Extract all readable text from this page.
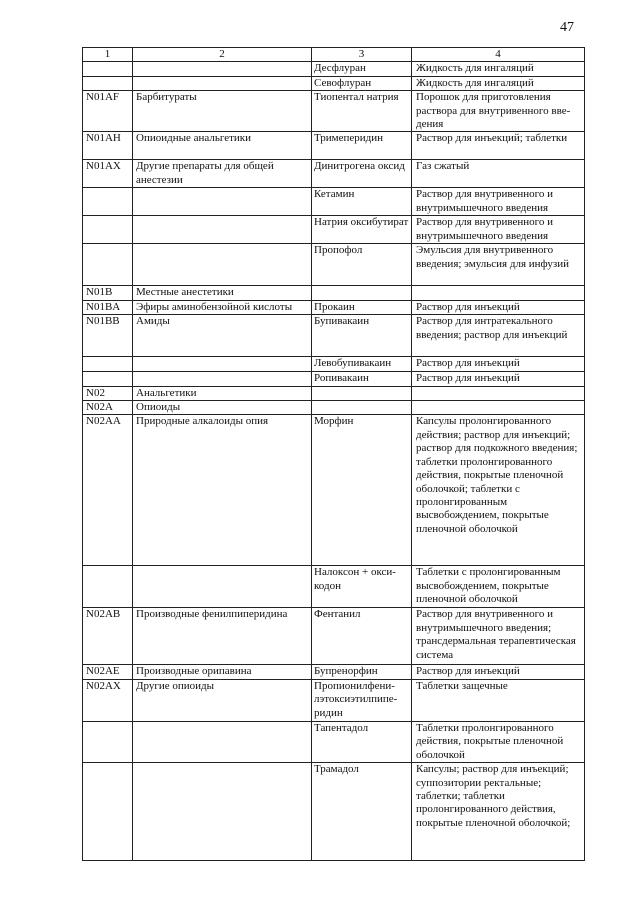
47
1	2	3	4
		Десфлуран	Жидкость для ингаляций
		Севофлуран	Жидкость для ингаляций
N01AF	Барбитураты	Тиопентал натрия	Порошок для приготовления раствора для внутривенного введения
N01AH	Опиоидные анальгетики	Тримеперидин	Раствор для инъекций; таблетки
N01AX	Другие препараты для общей анестезии	Динитрогена оксид	Газ сжатый
		Кетамин	Раствор для внутривенного и внутримышечного введения
		Натрия оксибутират	Раствор для внутривенного и внутримышечного введения
		Пропофол	Эмульсия для внутривенного введения; эмульсия для инфузий
N01B	Местные анестетики		
N01BA	Эфиры аминобензойной кислоты	Прокаин	Раствор для инъекций
N01BB	Амиды	Бупивакаин	Раствор для интратекального введения; раствор для инъекций
		Левобупивакаин	Раствор для инъекций
		Ропивакаин	Раствор для инъекций
N02	Анальгетики		
N02A	Опиоиды		
N02AA	Природные алкалоиды опия	Морфин	Капсулы пролонгированного действия; раствор для инъекций; раствор для подкожного введения; таблетки пролонгированного действия, покрытые пленочной оболочкой; таблетки с пролонгированным высвобождением, покрытые пленочной оболочкой
		Налоксон + оксикодон	Таблетки с пролонгированным высвобождением, покрытые пленочной оболочкой
N02AB	Производные фенилпиперидина	Фентанил	Раствор для внутривенного и внутримышечного введения; трансдермальная терапевтическая система
N02AE	Производные орипавина	Бупренорфин	Раствор для инъекций
N02AX	Другие опиоиды	Пропионилфенилэтоксиэтилпиперидин	Таблетки защечные
		Тапентадол	Таблетки пролонгированного действия, покрытые пленочной оболочкой
		Трамадол	Капсулы; раствор для инъекций; суппозитории ректальные; таблетки; таблетки пролонгированного действия, покрытые пленочной оболочкой;
